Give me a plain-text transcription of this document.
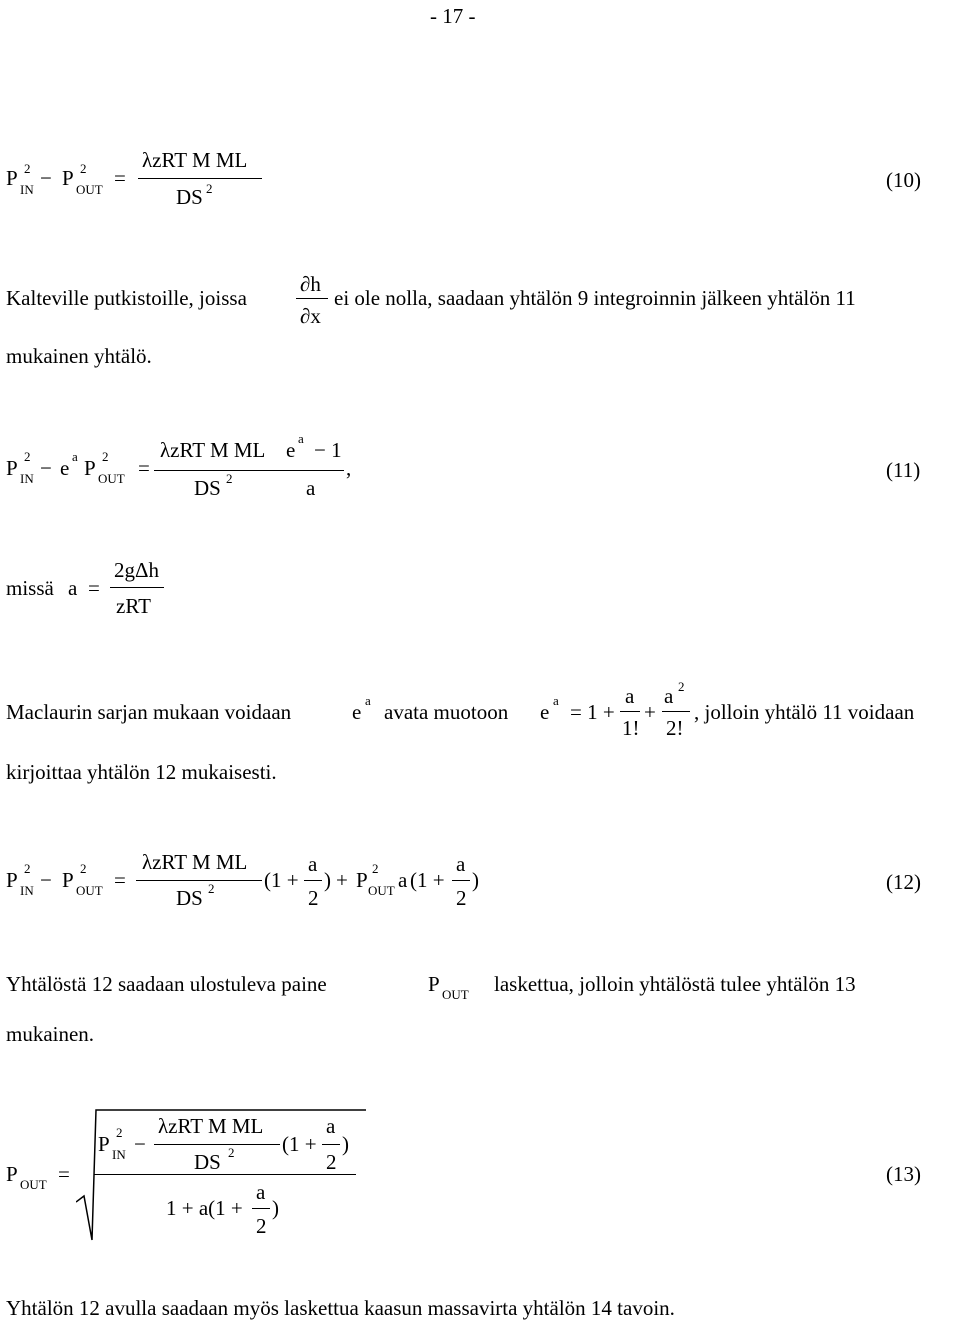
- 17 -
P 2
IN − P 2
OUT =
λzRT M ML
DS 2	(10)
Kalteville putkistoille, joissa
∂h
∂x
ei ole nolla, saadaan yhtälön 9 integroinnin jälkeen yhtälön 11
mukainen yhtälö.
P 2
IN − e a P 2
OUT =
λzRT M ML e a − 1
DS 2	a
,	(11)
missä a =
2gΔh
zRT
Maclaurin sarjan mukaan voidaan	e a avata muotoon e a = 1 +
a
1!
+
a 2
2!
, jolloin yhtälö 11 voidaan
kirjoittaa yhtälön 12 mukaisesti.
P 2
IN − P 2
OUT =
λzRT M ML
DS 2 (1 +
a
2
) + P 2
OUT a (1 +
a
2
)	(12)
Yhtälöstä 12 saadaan ulostuleva paine	P OUT laskettua, jolloin yhtälöstä tulee yhtälön 13
mukainen.
P OUT =
P 2
IN −
λzRT M ML
DS 2 (1 +
a
2
)
1 + a(1 +
a
2
)
(13)
Yhtälön 12 avulla saadaan myös laskettua kaasun massavirta yhtälön 14 tavoin.
